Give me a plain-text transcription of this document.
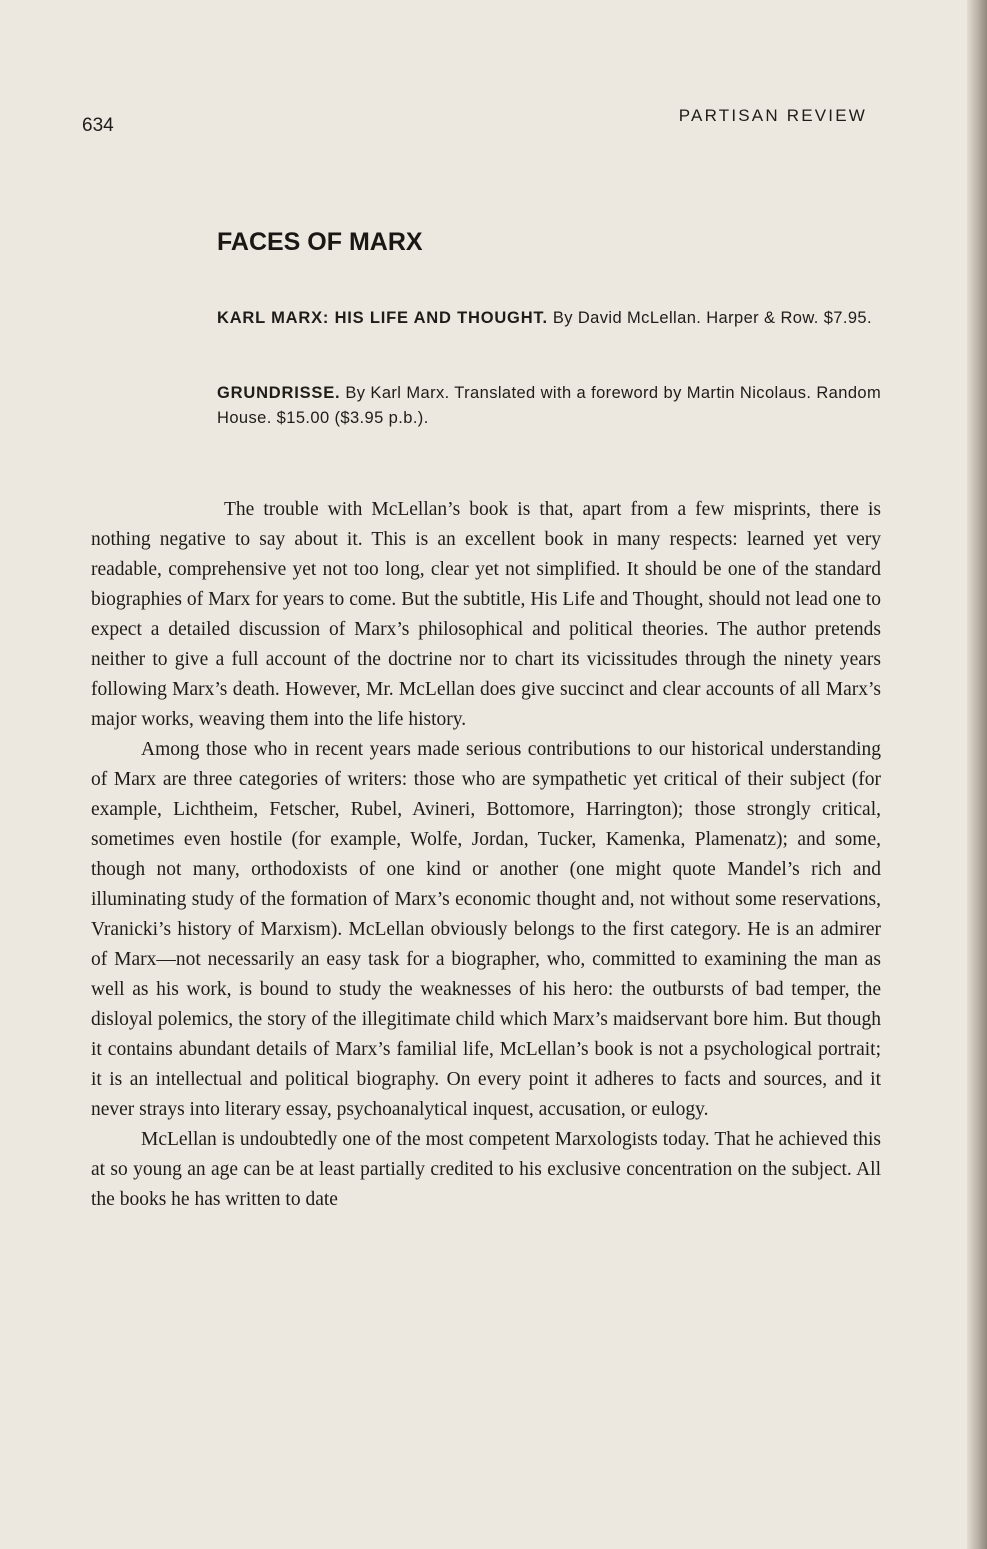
634	PARTISAN REVIEW
FACES OF MARX

KARL MARX: HIS LIFE AND THOUGHT. By David McLellan. Harper & Row. $7.95.

GRUNDRISSE. By Karl Marx. Translated with a foreword by Martin Nicolaus. Random House. $15.00 ($3.95 p.b.).

The trouble with McLellan’s book is that, apart from a few misprints, there is nothing negative to say about it. This is an excellent book in many respects: learned yet very readable, comprehensive yet not too long, clear yet not simplified. It should be one of the standard biographies of Marx for years to come. But the subtitle, His Life and Thought, should not lead one to expect a detailed discussion of Marx’s philosophical and political theories. The author pretends neither to give a full account of the doctrine nor to chart its vicissitudes through the ninety years following Marx’s death. However, Mr. McLellan does give succinct and clear accounts of all Marx’s major works, weaving them into the life history.

Among those who in recent years made serious contributions to our historical understanding of Marx are three categories of writers: those who are sympathetic yet critical of their subject (for example, Lichtheim, Fetscher, Rubel, Avineri, Bottomore, Harrington); those strongly critical, sometimes even hostile (for example, Wolfe, Jordan, Tucker, Kamenka, Plamenatz); and some, though not many, orthodoxists of one kind or another (one might quote Mandel’s rich and illuminating study of the formation of Marx’s economic thought and, not without some reservations, Vranicki’s history of Marxism). McLellan obviously belongs to the first category. He is an admirer of Marx—not necessarily an easy task for a biographer, who, committed to examining the man as well as his work, is bound to study the weaknesses of his hero: the outbursts of bad temper, the disloyal polemics, the story of the illegitimate child which Marx’s maidservant bore him. But though it contains abundant details of Marx’s familial life, McLellan’s book is not a psychological portrait; it is an intellectual and political biography. On every point it adheres to facts and sources, and it never strays into literary essay, psychoanalytical inquest, accusation, or eulogy.

McLellan is undoubtedly one of the most competent Marxologists today. That he achieved this at so young an age can be at least partially credited to his exclusive concentration on the subject. All the books he has written to date
